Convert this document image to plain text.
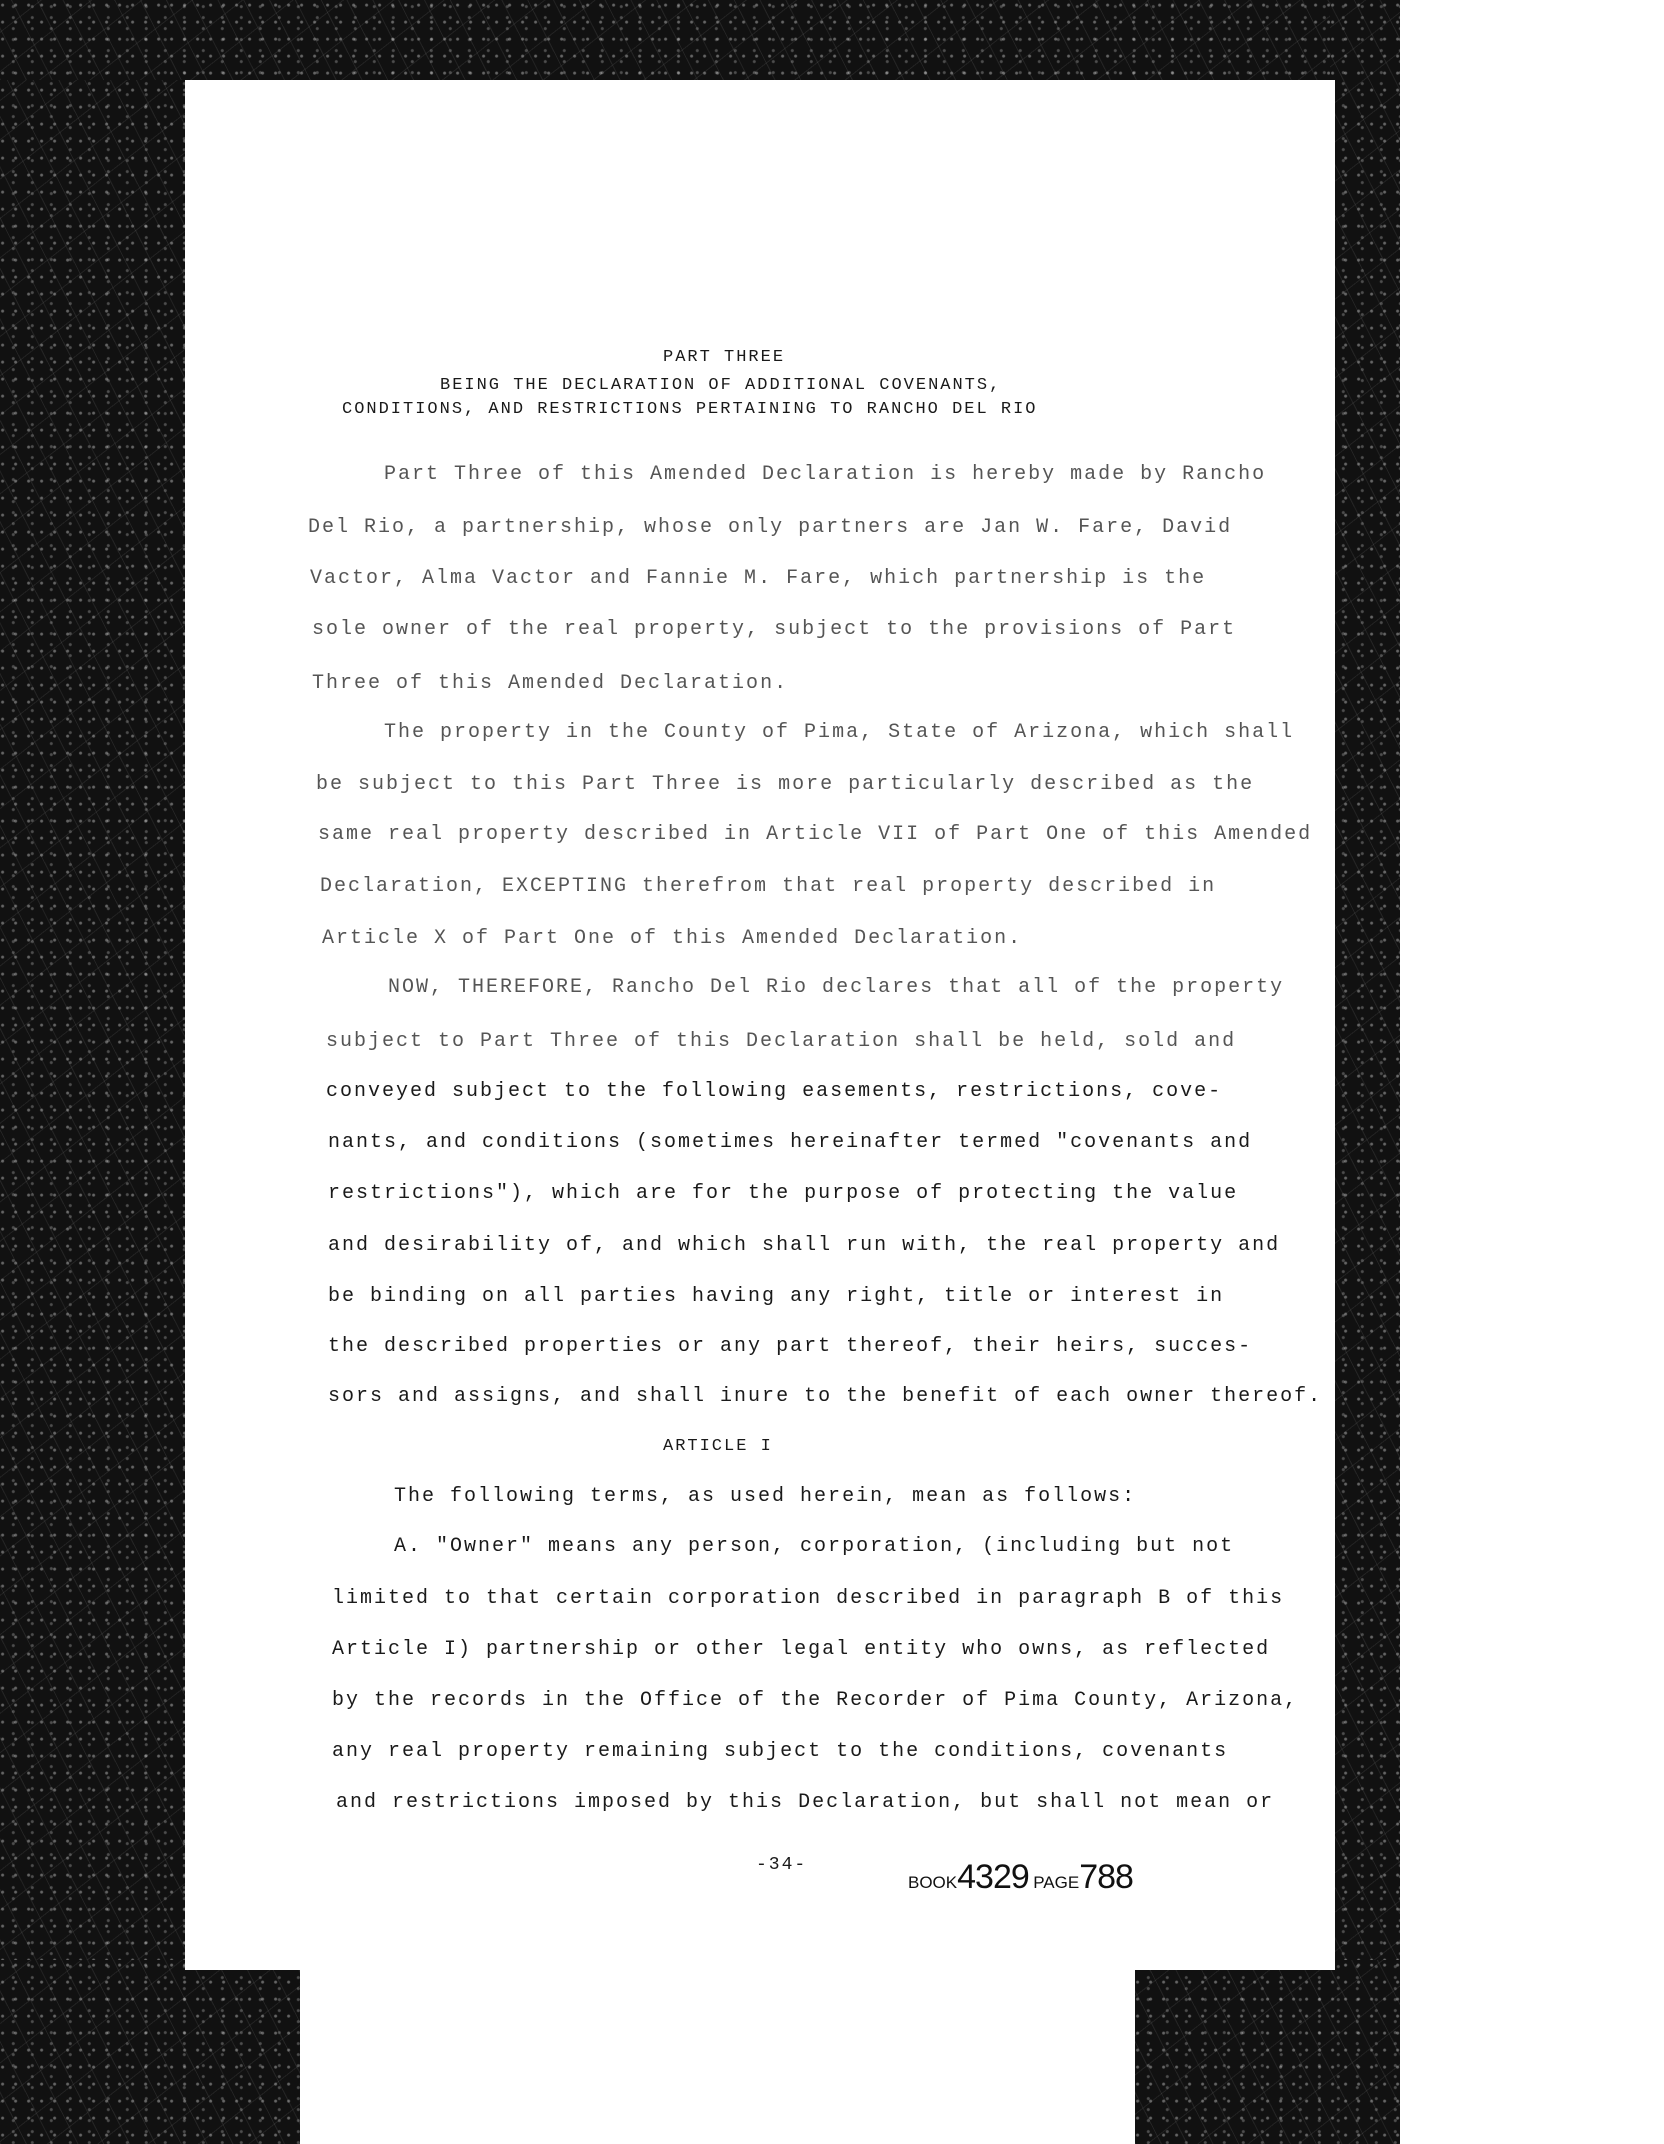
PART THREE
BEING THE DECLARATION OF ADDITIONAL COVENANTS,
CONDITIONS, AND RESTRICTIONS PERTAINING TO RANCHO DEL RIO
Part Three of this Amended Declaration is hereby made by Rancho
Del Rio, a partnership, whose only partners are Jan W. Fare, David
Vactor, Alma Vactor and Fannie M. Fare, which partnership is the
sole owner of the real property, subject to the provisions of Part
Three of this Amended Declaration.
The property in the County of Pima, State of Arizona, which shall
be subject to this Part Three is more particularly described as the
same real property described in Article VII of Part One of this Amended
Declaration, EXCEPTING therefrom that real property described in
Article X of Part One of this Amended Declaration.
NOW, THEREFORE, Rancho Del Rio declares that all of the property
subject to Part Three of this Declaration shall be held, sold and
conveyed subject to the following easements, restrictions, cove-
nants, and conditions (sometimes hereinafter termed "covenants and
restrictions"), which are for the purpose of protecting the value
and desirability of, and which shall run with, the real property and
be binding on all parties having any right, title or interest in
the described properties or any part thereof, their heirs, succes-
sors and assigns, and shall inure to the benefit of each owner thereof.
ARTICLE I
The following terms, as used herein, mean as follows:
A. "Owner" means any person, corporation, (including but not
limited to that certain corporation described in paragraph B of this
Article I) partnership or other legal entity who owns, as reflected
by the records in the Office of the Recorder of Pima County, Arizona,
any real property remaining subject to the conditions, covenants
and restrictions imposed by this Declaration, but shall not mean or
-34-
BOOK4329 PAGE788
